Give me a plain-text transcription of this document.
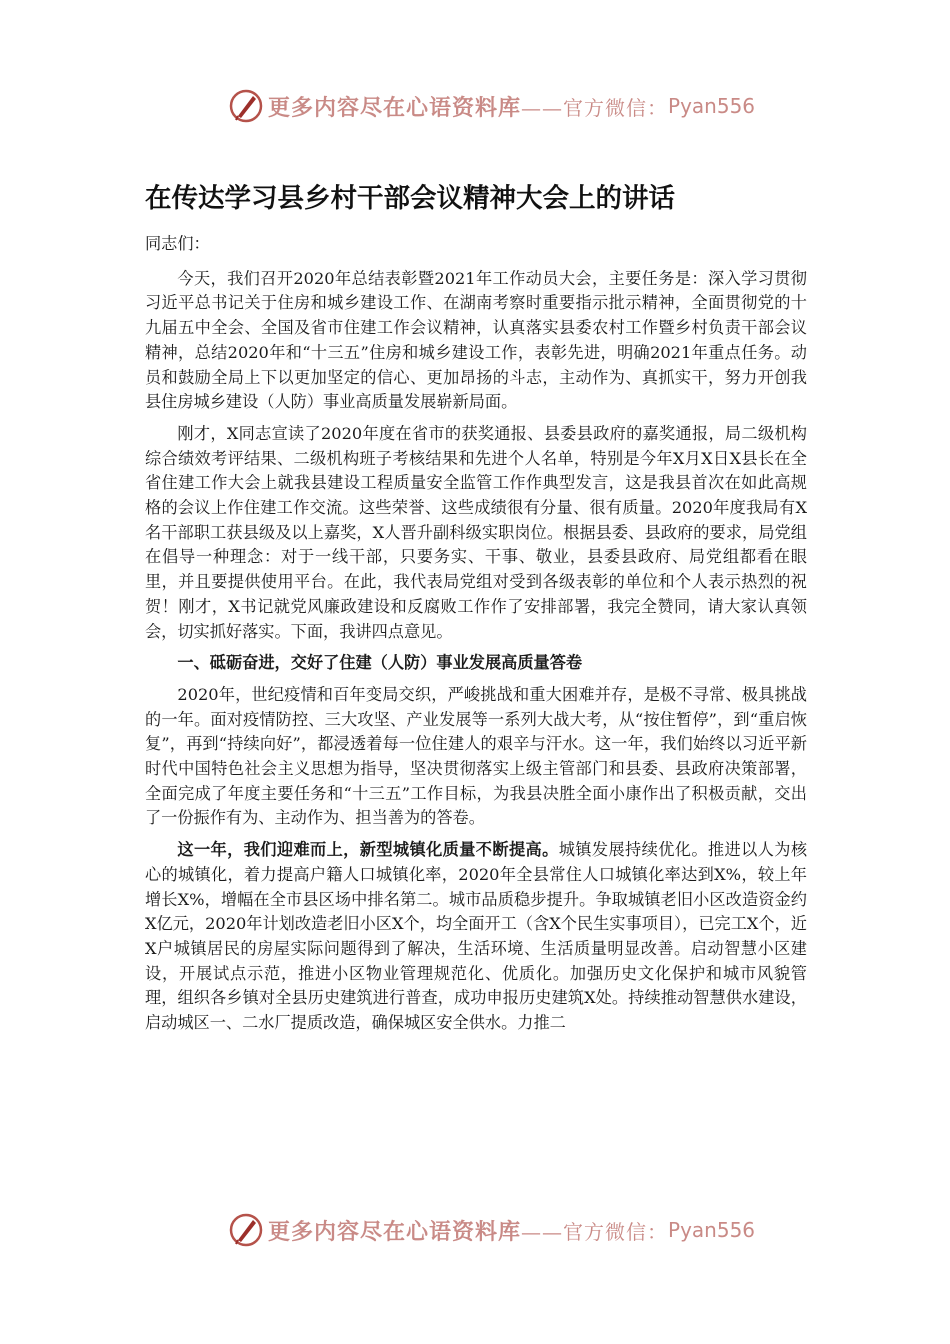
更多内容尽在心语资料库 ——官方微信： Pyan556
在传达学习县乡村干部会议精神大会上的讲话

同志们：

今天，我们召开2020年总结表彰暨2021年工作动员大会，主要任务是：深入学习贯彻习近平总书记关于住房和城乡建设工作、在湖南考察时重要指示批示精神，全面贯彻党的十九届五中全会、全国及省市住建工作会议精神，认真落实县委农村工作暨乡村负责干部会议精神，总结2020年和“十三五”住房和城乡建设工作，表彰先进，明确2021年重点任务。动员和鼓励全局上下以更加坚定的信心、更加昂扬的斗志，主动作为、真抓实干，努力开创我县住房城乡建设（人防）事业高质量发展崭新局面。

刚才，X同志宣读了2020年度在省市的获奖通报、县委县政府的嘉奖通报，局二级机构综合绩效考评结果、二级机构班子考核结果和先进个人名单，特别是今年X月X日X县长在全省住建工作大会上就我县建设工程质量安全监管工作作典型发言，这是我县首次在如此高规格的会议上作住建工作交流。这些荣誉、这些成绩很有分量、很有质量。2020年度我局有X名干部职工获县级及以上嘉奖，X人晋升副科级实职岗位。根据县委、县政府的要求，局党组在倡导一种理念：对于一线干部，只要务实、干事、敬业，县委县政府、局党组都看在眼里，并且要提供使用平台。在此，我代表局党组对受到各级表彰的单位和个人表示热烈的祝贺！刚才，X书记就党风廉政建设和反腐败工作作了安排部署，我完全赞同，请大家认真领会，切实抓好落实。下面，我讲四点意见。

一、砥砺奋进，交好了住建（人防）事业发展高质量答卷

2020年，世纪疫情和百年变局交织，严峻挑战和重大困难并存，是极不寻常、极具挑战的一年。面对疫情防控、三大攻坚、产业发展等一系列大战大考，从“按住暂停”，到“重启恢复”，再到“持续向好”，都浸透着每一位住建人的艰辛与汗水。这一年，我们始终以习近平新时代中国特色社会主义思想为指导，坚决贯彻落实上级主管部门和县委、县政府决策部署，全面完成了年度主要任务和“十三五”工作目标，为我县决胜全面小康作出了积极贡献，交出了一份振作有为、主动作为、担当善为的答卷。

这一年，我们迎难而上，新型城镇化质量不断提高。城镇发展持续优化。推进以人为核心的城镇化，着力提高户籍人口城镇化率，2020年全县常住人口城镇化率达到X%，较上年增长X%，增幅在全市县区场中排名第二。城市品质稳步提升。争取城镇老旧小区改造资金约X亿元，2020年计划改造老旧小区X个，均全面开工（含X个民生实事项目），已完工X个，近X户城镇居民的房屋实际问题得到了解决，生活环境、生活质量明显改善。启动智慧小区建设，开展试点示范，推进小区物业管理规范化、优质化。加强历史文化保护和城市风貌管理，组织各乡镇对全县历史建筑进行普查，成功申报历史建筑X处。持续推动智慧供水建设，启动城区一、二水厂提质改造，确保城区安全供水。力推二

更多内容尽在心语资料库 ——官方微信： Pyan556
